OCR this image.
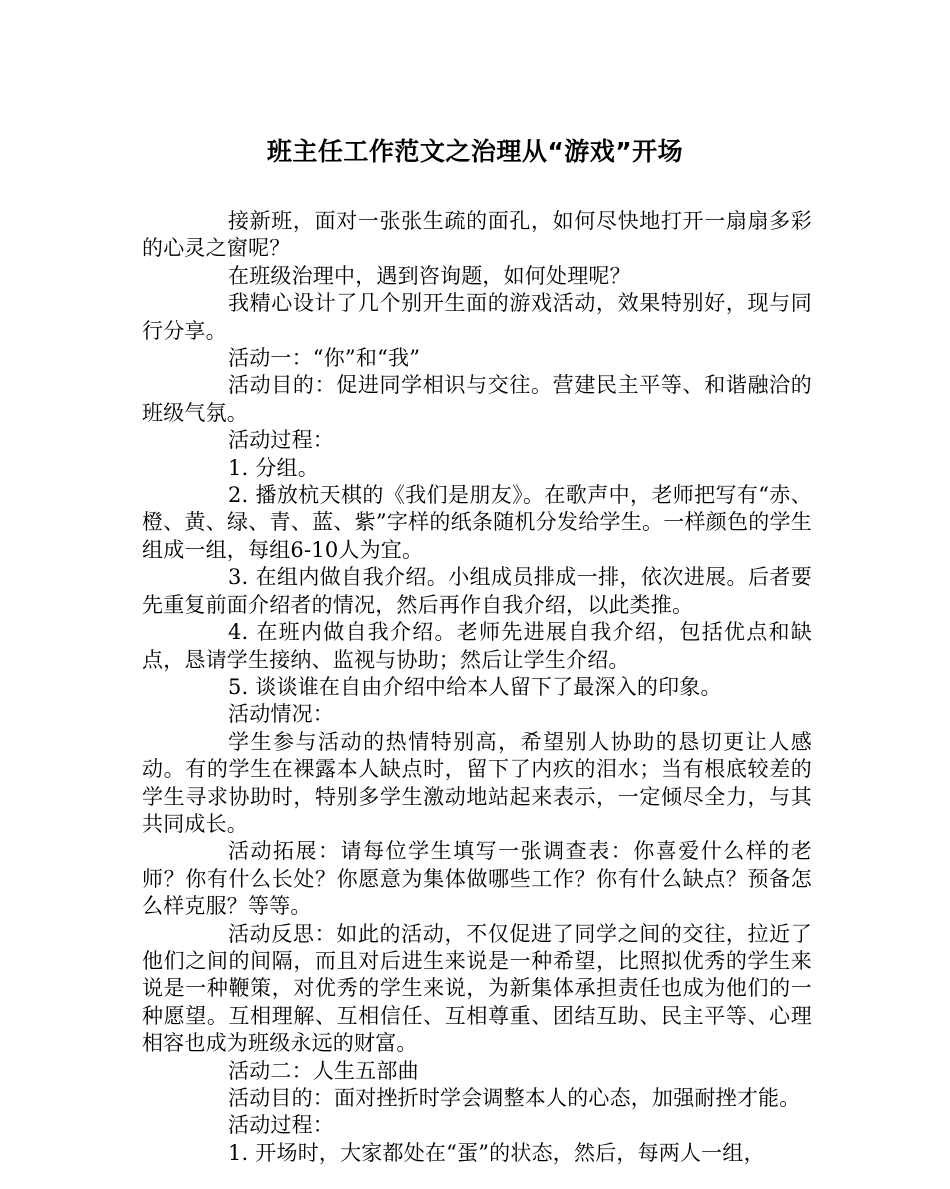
班主任工作范文之治理从“游戏”开场

接新班，面对一张张生疏的面孔，如何尽快地打开一扇扇多彩的心灵之窗呢？

在班级治理中，遇到咨询题，如何处理呢？

我精心设计了几个别开生面的游戏活动，效果特别好，现与同行分享。

活动一：“你”和“我”

活动目的：促进同学相识与交往。营建民主平等、和谐融洽的班级气氛。

活动过程：

1. 分组。

2. 播放杭天棋的《我们是朋友》。在歌声中，老师把写有“赤、橙、黄、绿、青、蓝、紫”字样的纸条随机分发给学生。一样颜色的学生组成一组，每组6-10人为宜。

3. 在组内做自我介绍。小组成员排成一排，依次进展。后者要先重复前面介绍者的情况，然后再作自我介绍，以此类推。

4. 在班内做自我介绍。老师先进展自我介绍，包括优点和缺点，恳请学生接纳、监视与协助；然后让学生介绍。

5. 谈谈谁在自由介绍中给本人留下了最深入的印象。

活动情况：

学生参与活动的热情特别高，希望别人协助的恳切更让人感动。有的学生在裸露本人缺点时，留下了内疚的泪水；当有根底较差的学生寻求协助时，特别多学生激动地站起来表示，一定倾尽全力，与其共同成长。

活动拓展：请每位学生填写一张调查表：你喜爱什么样的老师？你有什么长处？你愿意为集体做哪些工作？你有什么缺点？预备怎么样克服？等等。

活动反思：如此的活动，不仅促进了同学之间的交往，拉近了他们之间的间隔，而且对后进生来说是一种希望，比照拟优秀的学生来说是一种鞭策，对优秀的学生来说，为新集体承担责任也成为他们的一种愿望。互相理解、互相信任、互相尊重、团结互助、民主平等、心理相容也成为班级永远的财富。

活动二：人生五部曲

活动目的：面对挫折时学会调整本人的心态，加强耐挫才能。

活动过程：

1. 开场时，大家都处在“蛋”的状态，然后，每两人一组，
